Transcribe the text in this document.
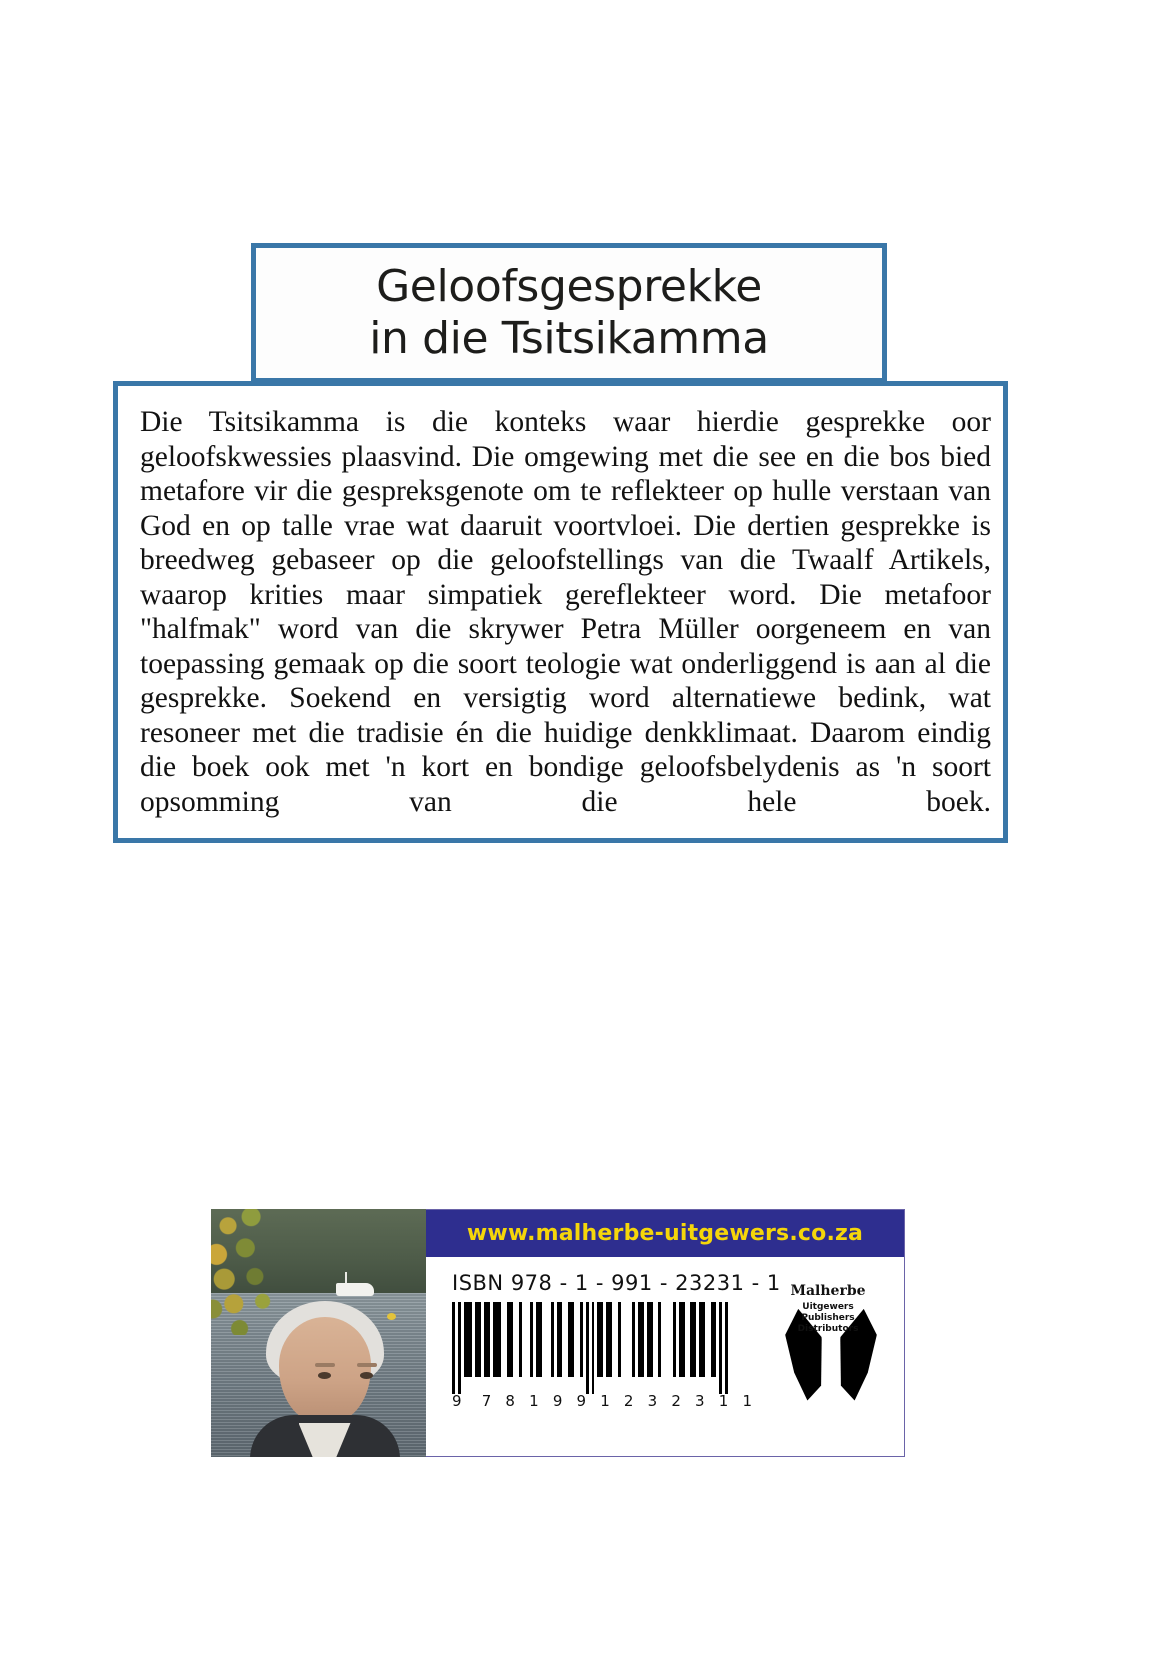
Geloofsgesprekke
in die Tsitsikamma

Die Tsitsikamma is die konteks waar hierdie gesprekke oor geloofskwessies plaasvind. Die omgewing met die see en die bos bied metafore vir die gespreksgenote om te reflekteer op hulle verstaan van God en op talle vrae wat daaruit voortvloei. Die dertien gesprekke is breedweg gebaseer op die geloofstellings van die Twaalf Artikels, waarop krities maar simpatiek gereflekteer word. Die metafoor "halfmak" word van die skrywer Petra Müller oorgeneem en van toepassing gemaak op die soort teologie wat onderliggend is aan al die gesprekke. Soekend en versigtig word alternatiewe bedink, wat resoneer met die tradisie én die huidige denkklimaat. Daarom eindig die boek ook met 'n kort en bondige geloofsbelydenis as 'n soort opsomming van die hele boek.

www.malherbe-uitgewers.co.za
ISBN 978 - 1 - 991 - 23231 - 1
9 7 8 1 9 9 1 2 3 2 3 1 1
Malherbe
Uitgewers
Publishers
Distributors
